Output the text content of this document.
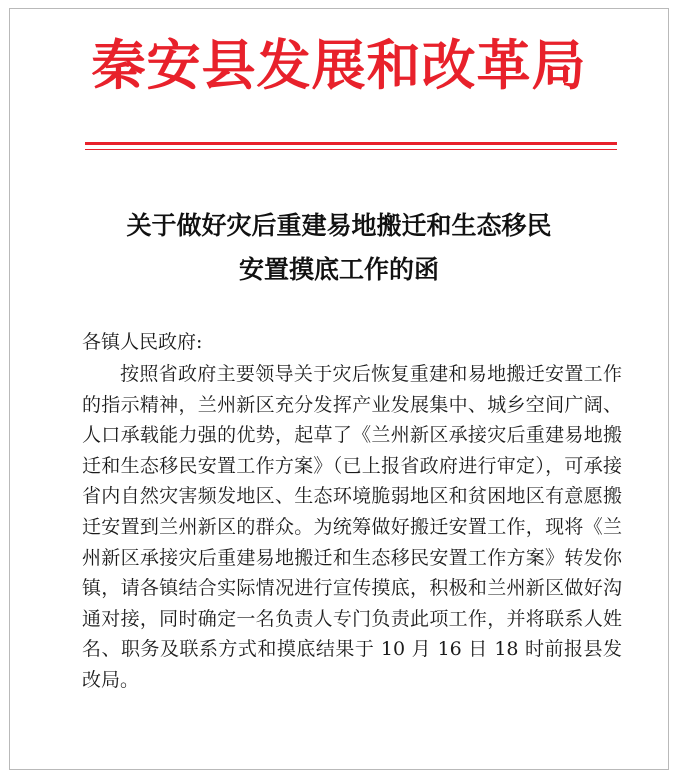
秦安县发展和改革局
关于做好灾后重建易地搬迁和生态移民
安置摸底工作的函
各镇人民政府:
按照省政府主要领导关于灾后恢复重建和易地搬迁安置工作的指示精神，兰州新区充分发挥产业发展集中、城乡空间广阔、人口承载能力强的优势，起草了《兰州新区承接灾后重建易地搬迁和生态移民安置工作方案》（已上报省政府进行审定），可承接省内自然灾害频发地区、生态环境脆弱地区和贫困地区有意愿搬迁安置到兰州新区的群众。为统筹做好搬迁安置工作，现将《兰州新区承接灾后重建易地搬迁和生态移民安置工作方案》转发你镇，请各镇结合实际情况进行宣传摸底，积极和兰州新区做好沟通对接，同时确定一名负责人专门负责此项工作，并将联系人姓名、职务及联系方式和摸底结果于 10 月 16 日 18 时前报县发改局。
